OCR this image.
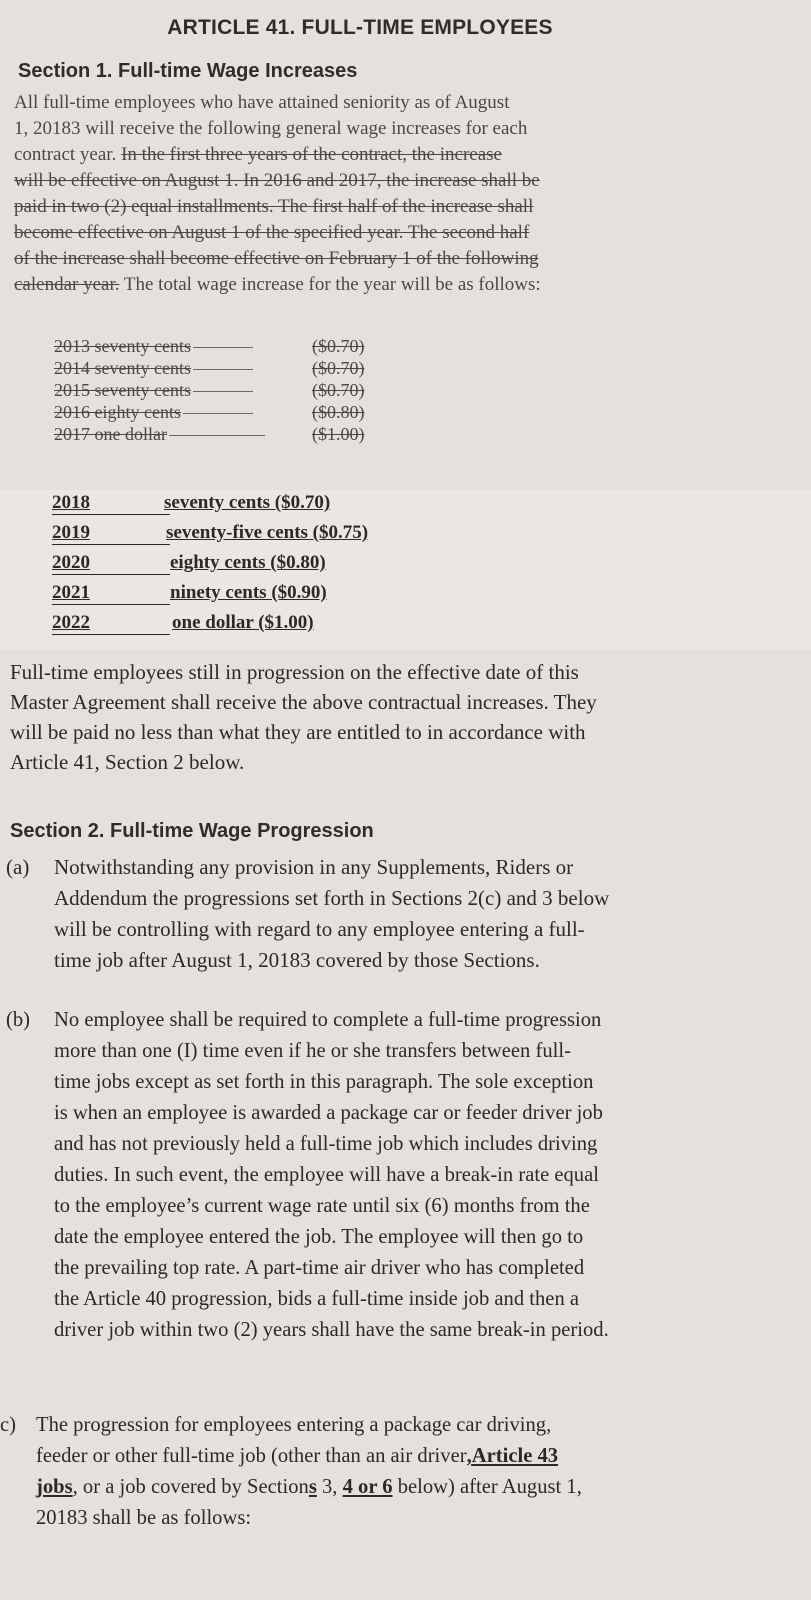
ARTICLE 41. FULL-TIME EMPLOYEES
Section 1. Full-time Wage Increases

All full-time employees who have attained seniority as of August

1, 20183 will receive the following general wage increases for each

contract year. In the first three years of the contract, the increase

will be effective on August 1. In 2016 and 2017, the increase shall be

paid in two (2) equal installments. The first half of the increase shall

become effective on August 1 of the specified year. The second half

of the increase shall become effective on February 1 of the following

calendar year. The total wage increase for the year will be as follows:

2013 seventy cents	($0.70)
2014 seventy cents	($0.70)
2015 seventy cents	($0.70)
2016 eighty cents	($0.80)
2017 one dollar	($1.00)
2018	seventy cents ($0.70)
2019	seventy-five cents ($0.75)
2020	eighty cents ($0.80)
2021	ninety cents ($0.90)
2022	one dollar ($1.00)

Full-time employees still in progression on the effective date of this

Master Agreement shall receive the above contractual increases. They

will be paid no less than what they are entitled to in accordance with

Article 41, Section 2 below.

Section 2. Full-time Wage Progression
(a) Notwithstanding any provision in any Supplements, Riders or

Addendum the progressions set forth in Sections 2(c) and 3 below

will be controlling with regard to any employee entering a full-

time job after August 1, 20183 covered by those Sections.

(b) No employee shall be required to complete a full-time progression

more than one (I) time even if he or she transfers between full-

time jobs except as set forth in this paragraph. The sole exception

is when an employee is awarded a package car or feeder driver job

and has not previously held a full-time job which includes driving

duties. In such event, the employee will have a break-in rate equal

to the employee’s current wage rate until six (6) months from the

date the employee entered the job. The employee will then go to

the prevailing top rate. A part-time air driver who has completed

the Article 40 progression, bids a full-time inside job and then a

driver job within two (2) years shall have the same break-in period.

c) The progression for employees entering a package car driving,

feeder or other full-time job (other than an air driver,Article 43

jobs, or a job covered by Sections 3, 4 or 6 below) after August 1,

20183 shall be as follows:
